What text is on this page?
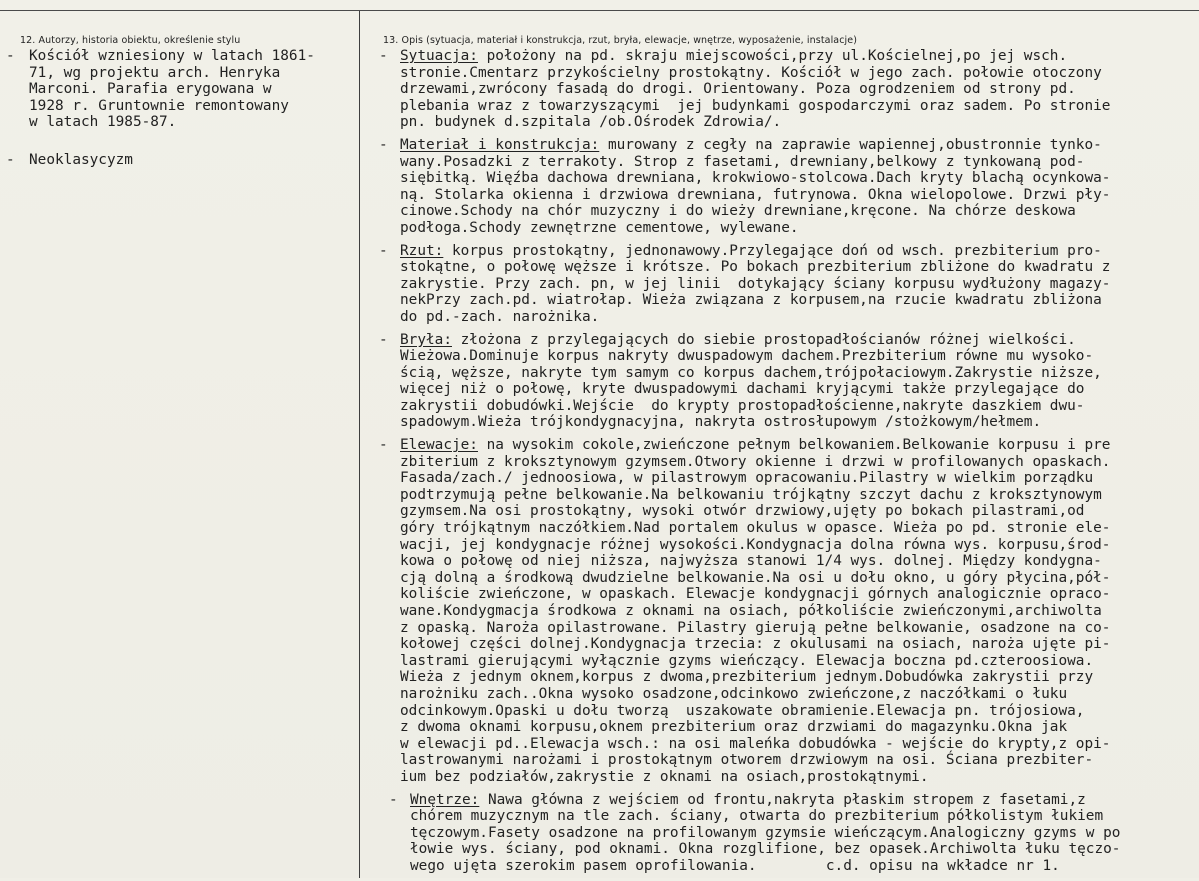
12. Autorzy, historia obiektu, określenie stylu	13. Opis (sytuacja, materiał i konstrukcja, rzut, bryła, elewacje, wnętrze, wyposażenie, instalacje)
- Kościół wzniesiony w latach 1861-
71, wg projektu arch. Henryka
Marconi. Parafia erygowana w
1928 r. Gruntownie remontowany
w latach 1985-87.
- Neoklasycyzm
- Sytuacja: położony na pd. skraju miejscowości,przy ul.Kościelnej,po jej wsch.
stronie.Cmentarz przykościelny prostokątny. Kościół w jego zach. połowie otoczony
drzewami,zwrócony fasadą do drogi. Orientowany. Poza ogrodzeniem od strony pd.
plebania wraz z towarzyszącymi  jej budynkami gospodarczymi oraz sadem. Po stronie
pn. budynek d.szpitala /ob.Ośrodek Zdrowia/.
- Materiał i konstrukcja: murowany z cegły na zaprawie wapiennej,obustronnie tynko-
wany.Posadzki z terrakoty. Strop z fasetami, drewniany,belkowy z tynkowaną pod-
siębitką. Więźba dachowa drewniana, krokwiowo-stolcowa.Dach kryty blachą ocynkowa-
ną. Stolarka okienna i drzwiowa drewniana, futrynowa. Okna wielopolowe. Drzwi pły-
cinowe.Schody na chór muzyczny i do wieży drewniane,kręcone. Na chórze deskowa
podłoga.Schody zewnętrzne cementowe, wylewane.
- Rzut: korpus prostokątny, jednonawowy.Przylegające doń od wsch. prezbiterium pro-
stokątne, o połowę węższe i krótsze. Po bokach prezbiterium zbliżone do kwadratu z
zakrystie. Przy zach. pn, w jej linii  dotykający ściany korpusu wydłużony magazy-
nekPrzy zach.pd. wiatrołap. Wieża związana z korpusem,na rzucie kwadratu zbliżona
do pd.-zach. narożnika.
- Bryła: złożona z przylegających do siebie prostopadłościanów różnej wielkości.
Wieżowa.Dominuje korpus nakryty dwuspadowym dachem.Prezbiterium równe mu wysoko-
ścią, węższe, nakryte tym samym co korpus dachem,trójpołaciowym.Zakrystie niższe,
więcej niż o połowę, kryte dwuspadowymi dachami kryjącymi także przylegające do
zakrystii dobudówki.Wejście  do krypty prostopadłościenne,nakryte daszkiem dwu-
spadowym.Wieża trójkondygnacyjna, nakryta ostrosłupowym /stożkowym/hełmem.
- Elewacje: na wysokim cokole,zwieńczone pełnym belkowaniem.Belkowanie korpusu i pre
zbiterium z kroksztynowym gzymsem.Otwory okienne i drzwi w profilowanych opaskach.
Fasada/zach./ jednoosiowa, w pilastrowym opracowaniu.Pilastry w wielkim porządku
podtrzymują pełne belkowanie.Na belkowaniu trójkątny szczyt dachu z kroksztynowym
gzymsem.Na osi prostokątny, wysoki otwór drzwiowy,ujęty po bokach pilastrami,od
góry trójkątnym naczółkiem.Nad portalem okulus w opasce. Wieża po pd. stronie ele-
wacji, jej kondygnacje różnej wysokości.Kondygnacja dolna równa wys. korpusu,środ-
kowa o połowę od niej niższa, najwyższa stanowi 1/4 wys. dolnej. Między kondygna-
cją dolną a środkową dwudzielne belkowanie.Na osi u dołu okno, u góry płycina,pół-
koliście zwieńczone, w opaskach. Elewacje kondygnacji górnych analogicznie opraco-
wane.Kondygmacja środkowa z oknami na osiach, półkoliście zwieńczonymi,archiwolta
z opaską. Naroża opilastrowane. Pilastry gierują pełne belkowanie, osadzone na co-
kołowej części dolnej.Kondygnacja trzecia: z okulusami na osiach, naroża ujęte pi-
lastrami gierującymi wyłącznie gzyms wieńczący. Elewacja boczna pd.czteroosiowa.
Wieża z jednym oknem,korpus z dwoma,prezbiterium jednym.Dobudówka zakrystii przy
narożniku zach..Okna wysoko osadzone,odcinkowo zwieńczone,z naczółkami o łuku
odcinkowym.Opaski u dołu tworzą  uszakowate obramienie.Elewacja pn. trójosiowa,
z dwoma oknami korpusu,oknem prezbiterium oraz drzwiami do magazynku.Okna jak
w elewacji pd..Elewacja wsch.: na osi maleńka dobudówka - wejście do krypty,z opi-
lastrowanymi narożami i prostokątnym otworem drzwiowym na osi. Ściana prezbiter-
ium bez podziałów,zakrystie z oknami na osiach,prostokątnymi.
- Wnętrze: Nawa główna z wejściem od frontu,nakryta płaskim stropem z fasetami,z
chórem muzycznym na tle zach. ściany, otwarta do prezbiterium półkolistym łukiem
tęczowym.Fasety osadzone na profilowanym gzymsie wieńczącym.Analogiczny gzyms w po
łowie wys. ściany, pod oknami. Okna rozglifione, bez opasek.Archiwolta łuku tęczo-
wego ujęta szerokim pasem oprofilowania.        c.d. opisu na wkładce nr 1.
